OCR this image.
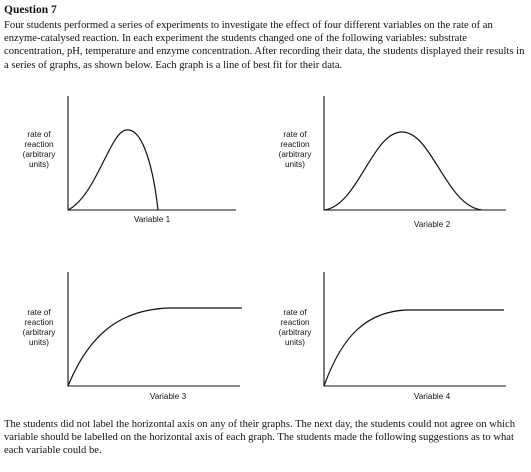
Question 7

Four students performed a series of experiments to investigate the effect of four different variables on the rate of an enzyme-catalysed reaction. In each experiment the students changed one of the following variables: substrate concentration, pH, temperature and enzyme concentration. After recording their data, the students displayed their results in a series of graphs, as shown below. Each graph is a line of best fit for their data.

rate of
reaction
(arbitrary
units)
Variable 1
rate of
reaction
(arbitrary
units)
Variable 2
rate of
reaction
(arbitrary
units)
Variable 3
rate of
reaction
(arbitrary
units)
Variable 4

The students did not label the horizontal axis on any of their graphs. The next day, the students could not agree on which variable should be labelled on the horizontal axis of each graph. The students made the following suggestions as to what each variable could be.
